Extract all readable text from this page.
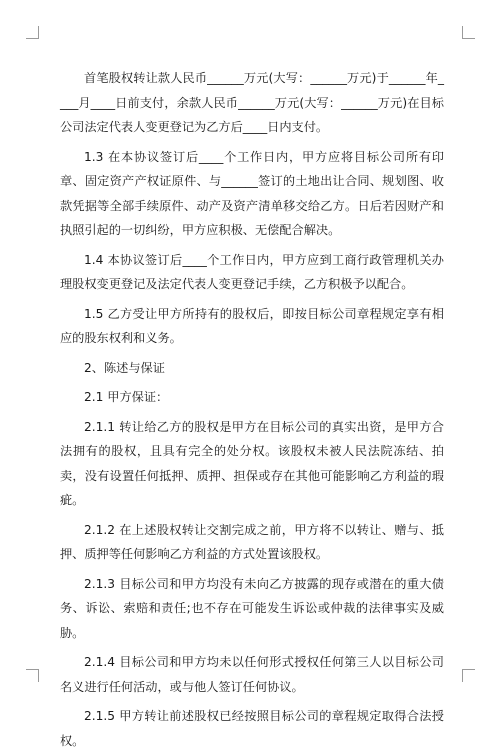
首笔股权转让款人民币______万元(大写：______万元)于______年____月____日前支付，余款人民币______万元(大写：______万元)在目标公司法定代表人变更登记为乙方后____日内支付。

1.3 在本协议签订后____个工作日内，甲方应将目标公司所有印章、固定资产产权证原件、与______签订的土地出让合同、规划图、收款凭据等全部手续原件、动产及资产清单移交给乙方。日后若因财产和执照引起的一切纠纷，甲方应积极、无偿配合解决。

1.4 本协议签订后____个工作日内，甲方应到工商行政管理机关办理股权变更登记及法定代表人变更登记手续，乙方积极予以配合。

1.5 乙方受让甲方所持有的股权后，即按目标公司章程规定享有相应的股东权利和义务。

2、陈述与保证

2.1 甲方保证：

2.1.1 转让给乙方的股权是甲方在目标公司的真实出资，是甲方合法拥有的股权，且具有完全的处分权。该股权未被人民法院冻结、拍卖，没有设置任何抵押、质押、担保或存在其他可能影响乙方利益的瑕疵。

2.1.2 在上述股权转让交割完成之前，甲方将不以转让、赠与、抵押、质押等任何影响乙方利益的方式处置该股权。

2.1.3 目标公司和甲方均没有未向乙方披露的现存或潜在的重大债务、诉讼、索赔和责任;也不存在可能发生诉讼或仲裁的法律事实及威胁。

2.1.4 目标公司和甲方均未以任何形式授权任何第三人以目标公司名义进行任何活动，或与他人签订任何协议。

2.1.5 甲方转让前述股权已经按照目标公司的章程规定取得合法授权。
